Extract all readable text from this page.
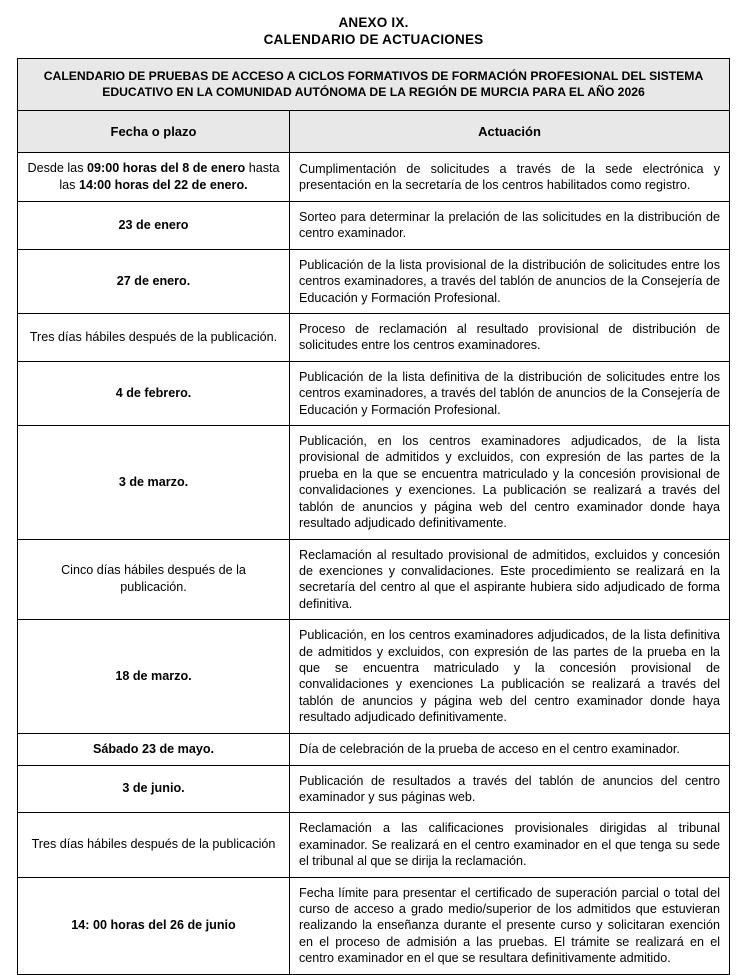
ANEXO IX.
CALENDARIO DE ACTUACIONES
CALENDARIO DE PRUEBAS DE ACCESO A CICLOS FORMATIVOS DE FORMACIÓN PROFESIONAL DEL SISTEMA EDUCATIVO EN LA COMUNIDAD AUTÓNOMA DE LA REGIÓN DE MURCIA PARA EL AÑO 2026	
Fecha o plazo	Actuación
Desde las 09:00 horas del 8 de enero hasta las 14:00 horas del 22 de enero.	Cumplimentación de solicitudes a través de la sede electrónica y presentación en la secretaría de los centros habilitados como registro.
23 de enero	Sorteo para determinar la prelación de las solicitudes en la distribución de centro examinador.
27 de enero.	Publicación de la lista provisional de la distribución de solicitudes entre los centros examinadores, a través del tablón de anuncios de la Consejería de Educación y Formación Profesional.
Tres días hábiles después de la publicación.	Proceso de reclamación al resultado provisional de distribución de solicitudes entre los centros examinadores.
4 de febrero.	Publicación de la lista definitiva de la distribución de solicitudes entre los centros examinadores, a través del tablón de anuncios de la Consejería de Educación y Formación Profesional.
3 de marzo.	Publicación, en los centros examinadores adjudicados, de la lista provisional de admitidos y excluidos, con expresión de las partes de la prueba en la que se encuentra matriculado y la concesión provisional de convalidaciones y exenciones. La publicación se realizará a través del tablón de anuncios y página web del centro examinador donde haya resultado adjudicado definitivamente.
Cinco días hábiles después de la publicación.	Reclamación al resultado provisional de admitidos, excluidos y concesión de exenciones y convalidaciones. Este procedimiento se realizará en la secretaría del centro al que el aspirante hubiera sido adjudicado de forma definitiva.
18 de marzo.	Publicación, en los centros examinadores adjudicados, de la lista definitiva de admitidos y excluidos, con expresión de las partes de la prueba en la que se encuentra matriculado y la concesión provisional de convalidaciones y exenciones La publicación se realizará a través del tablón de anuncios y página web del centro examinador donde haya resultado adjudicado definitivamente.
Sábado 23 de mayo.	Día de celebración de la prueba de acceso en el centro examinador.
3 de junio.	Publicación de resultados a través del tablón de anuncios del centro examinador y sus páginas web.
Tres días hábiles después de la publicación	Reclamación a las calificaciones provisionales dirigidas al tribunal examinador. Se realizará en el centro examinador en el que tenga su sede el tribunal al que se dirija la reclamación.
14: 00 horas del 26 de junio	Fecha límite para presentar el certificado de superación parcial o total del curso de acceso a grado medio/superior de los admitidos que estuvieran realizando la enseñanza durante el presente curso y solicitaran exención en el proceso de admisión a las pruebas. El trámite se realizará en el centro examinador en el que se resultara definitivamente admitido.
